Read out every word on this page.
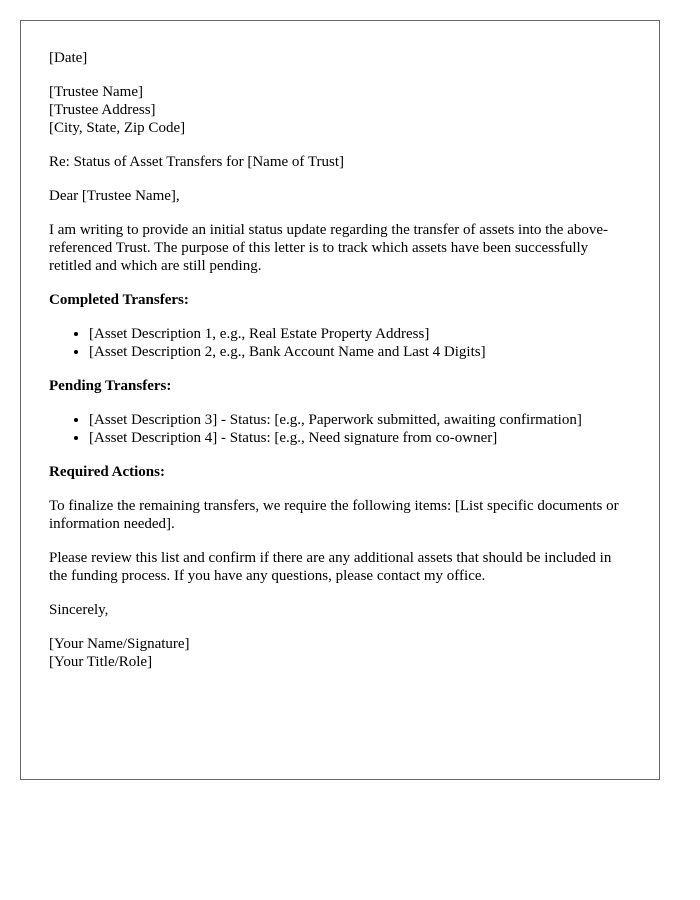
[Date]

[Trustee Name]
[Trustee Address]
[City, State, Zip Code]

Re: Status of Asset Transfers for [Name of Trust]

Dear [Trustee Name],

I am writing to provide an initial status update regarding the transfer of assets into the above-referenced Trust. The purpose of this letter is to track which assets have been successfully retitled and which are still pending.

Completed Transfers:

• [Asset Description 1, e.g., Real Estate Property Address]
• [Asset Description 2, e.g., Bank Account Name and Last 4 Digits]

Pending Transfers:

• [Asset Description 3] - Status: [e.g., Paperwork submitted, awaiting confirmation]
• [Asset Description 4] - Status: [e.g., Need signature from co-owner]

Required Actions:

To finalize the remaining transfers, we require the following items: [List specific documents or information needed].

Please review this list and confirm if there are any additional assets that should be included in the funding process. If you have any questions, please contact my office.

Sincerely,

[Your Name/Signature]
[Your Title/Role]
